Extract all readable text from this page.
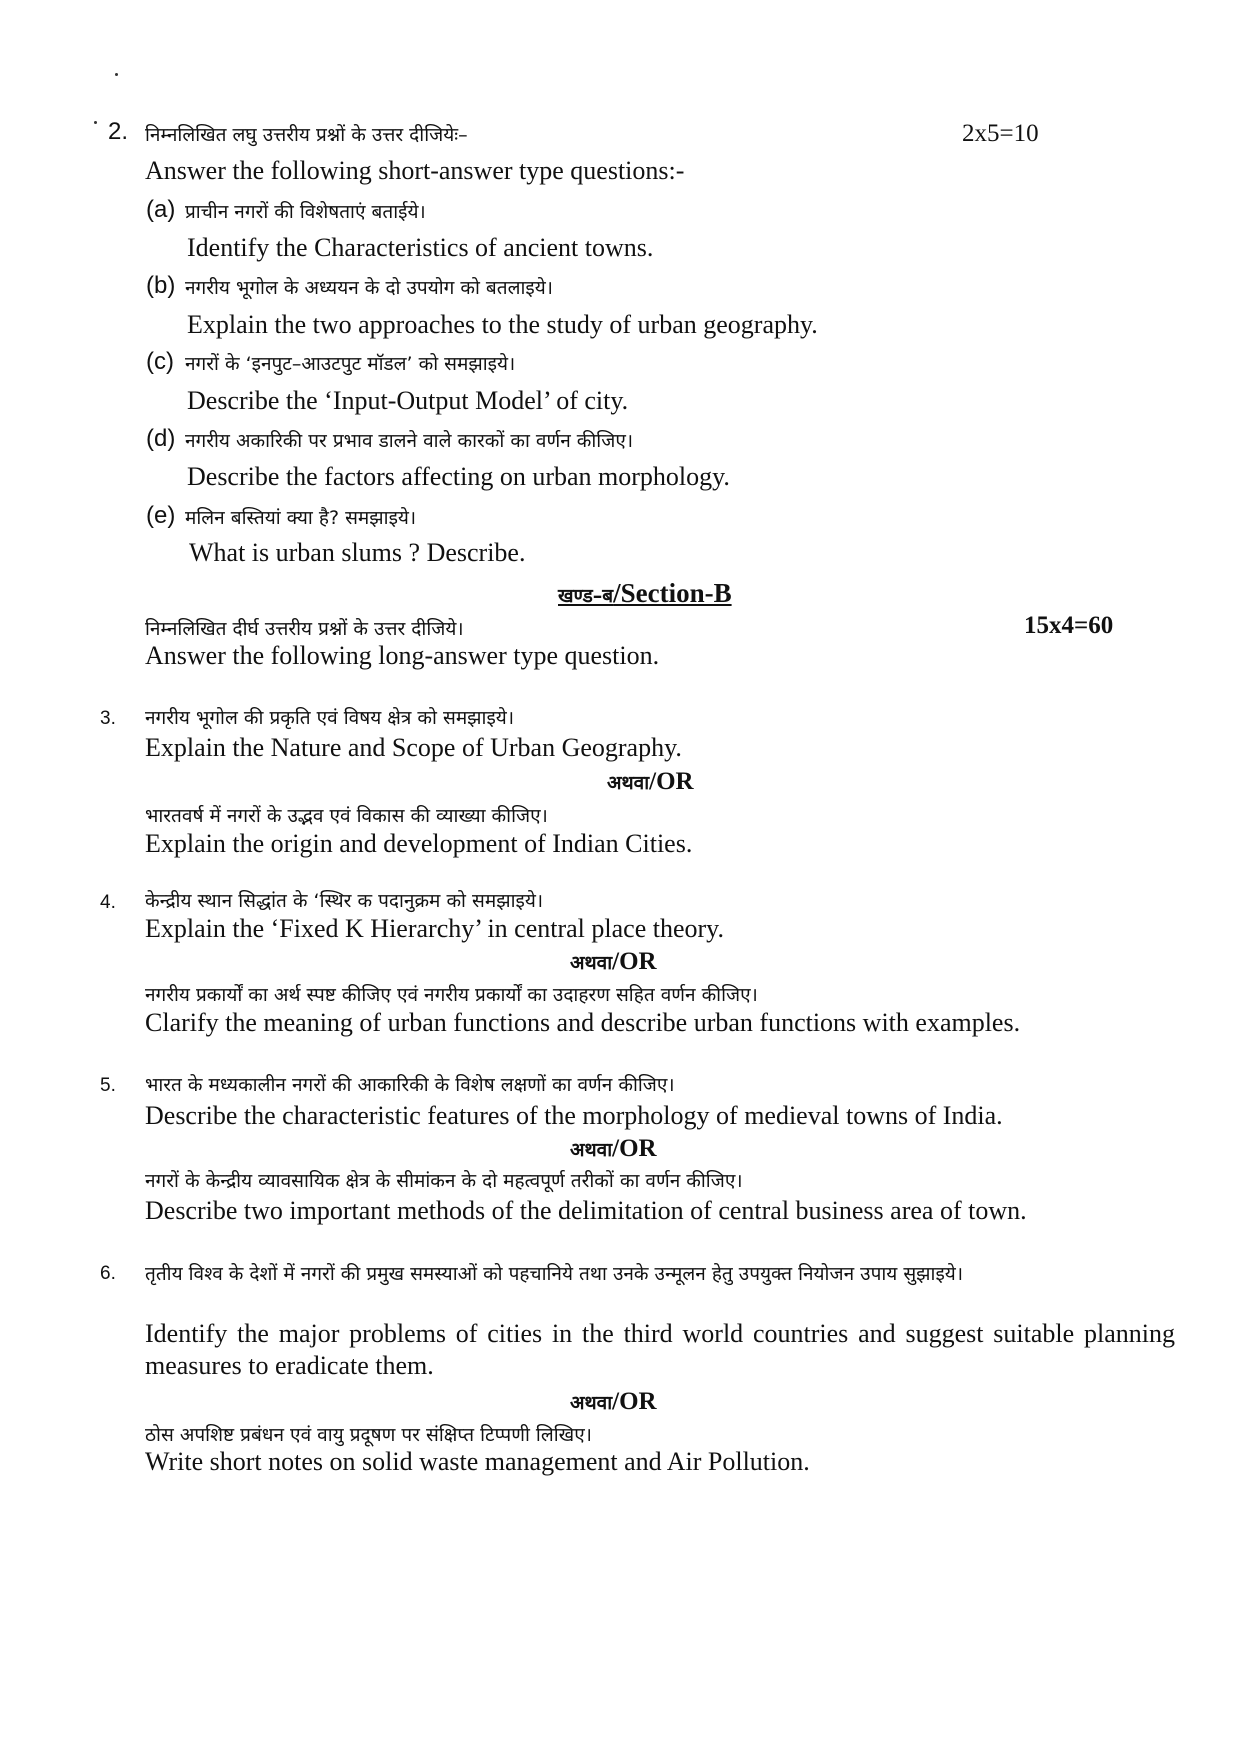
2. निम्नलिखित लघु उत्तरीय प्रश्नों के उत्तर दीजियेः–	2x5=10
Answer the following short-answer type questions:-
(a) प्राचीन नगरों की विशेषताएं बताईये।
Identify the Characteristics of ancient towns.
(b) नगरीय भूगोल के अध्ययन के दो उपयोग को बतलाइये।
Explain the two approaches to the study of urban geography.
(c) नगरों के ‘इनपुट–आउटपुट मॉडल’ को समझाइये।
Describe the ‘Input-Output Model’ of city.
(d) नगरीय अकारिकी पर प्रभाव डालने वाले कारकों का वर्णन कीजिए।
Describe the factors affecting on urban morphology.
(e) मलिन बस्तियां क्या है? समझाइये।
What is urban slums ? Describe.
खण्ड–ब/Section-B
निम्नलिखित दीर्घ उत्तरीय प्रश्नों के उत्तर दीजिये।	15x4=60
Answer the following long-answer type question.
3. नगरीय भूगोल की प्रकृति एवं विषय क्षेत्र को समझाइये।
Explain the Nature and Scope of Urban Geography.
अथवा/OR
भारतवर्ष में नगरों के उद्भव एवं विकास की व्याख्या कीजिए।
Explain the origin and development of Indian Cities.
4. केन्द्रीय स्थान सिद्धांत के ‘स्थिर क पदानुक्रम को समझाइये।
Explain the ‘Fixed K Hierarchy’ in central place theory.
अथवा/OR
नगरीय प्रकार्यों का अर्थ स्पष्ट कीजिए एवं नगरीय प्रकार्यों का उदाहरण सहित वर्णन कीजिए।
Clarify the meaning of urban functions and describe urban functions with examples.
5. भारत के मध्यकालीन नगरों की आकारिकी के विशेष लक्षणों का वर्णन कीजिए।
Describe the characteristic features of the morphology of medieval towns of India.
अथवा/OR
नगरों के केन्द्रीय व्यावसायिक क्षेत्र के सीमांकन के दो महत्वपूर्ण तरीकों का वर्णन कीजिए।
Describe two important methods of the delimitation of central business area of town.
6. तृतीय विश्व के देशों में नगरों की प्रमुख समस्याओं को पहचानिये तथा उनके उन्मूलन हेतु उपयुक्त नियोजन उपाय सुझाइये।
Identify the major problems of cities in the third world countries and suggest suitable planning measures to eradicate them.
अथवा/OR
ठोस अपशिष्ट प्रबंधन एवं वायु प्रदूषण पर संक्षिप्त टिप्पणी लिखिए।
Write short notes on solid waste management and Air Pollution.
